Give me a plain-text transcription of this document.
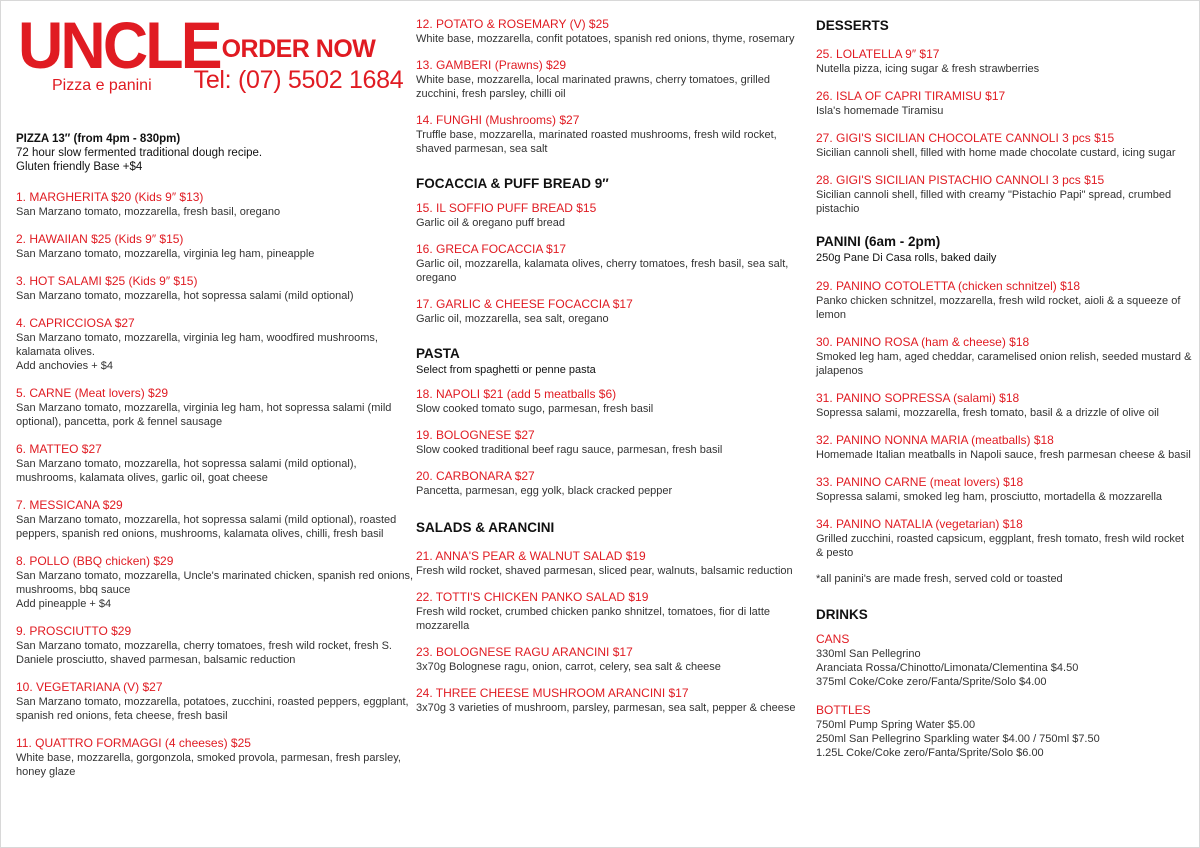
UNCLE
Pizza e panini
ORDER NOW
Tel: (07) 5502 1684
PIZZA 13″ (from 4pm - 830pm)
72 hour slow fermented traditional dough recipe.
Gluten friendly Base +$4
1. MARGHERITA $20 (Kids 9″ $13)
San Marzano tomato, mozzarella, fresh basil, oregano
2. HAWAIIAN $25 (Kids 9″ $15)
San Marzano tomato, mozzarella, virginia leg ham, pineapple
3. HOT SALAMI $25 (Kids 9″ $15)
San Marzano tomato, mozzarella, hot sopressa salami (mild optional)
4. CAPRICCIOSA $27
San Marzano tomato, mozzarella, virginia leg ham, woodfired mushrooms, kalamata olives.
Add anchovies + $4
5. CARNE (Meat lovers) $29
San Marzano tomato, mozzarella, virginia leg ham, hot sopressa salami (mild optional), pancetta, pork & fennel sausage
6. MATTEO $27
San Marzano tomato, mozzarella, hot sopressa salami (mild optional), mushrooms, kalamata olives, garlic oil, goat cheese
7. MESSICANA $29
San Marzano tomato, mozzarella, hot sopressa salami (mild optional), roasted peppers, spanish red onions, mushrooms, kalamata olives, chilli, fresh basil
8. POLLO (BBQ chicken) $29
San Marzano tomato, mozzarella, Uncle's marinated chicken, spanish red onions, mushrooms, bbq sauce
Add pineapple + $4
9. PROSCIUTTO $29
San Marzano tomato, mozzarella, cherry tomatoes, fresh wild rocket, fresh S. Daniele prosciutto, shaved parmesan, balsamic reduction
10. VEGETARIANA (V) $27
San Marzano tomato, mozzarella, potatoes, zucchini, roasted peppers, eggplant, spanish red onions, feta cheese, fresh basil
11. QUATTRO FORMAGGI (4 cheeses) $25
White base, mozzarella, gorgonzola, smoked provola, parmesan, fresh parsley, honey glaze
12. POTATO & ROSEMARY (V) $25
White base, mozzarella, confit potatoes, spanish red onions, thyme, rosemary
13. GAMBERI (Prawns) $29
White base, mozzarella, local marinated prawns, cherry tomatoes, grilled zucchini, fresh parsley, chilli oil
14. FUNGHI (Mushrooms) $27
Truffle base, mozzarella, marinated roasted mushrooms, fresh wild rocket, shaved parmesan, sea salt
FOCACCIA & PUFF BREAD 9″
15. IL SOFFIO PUFF BREAD $15
Garlic oil & oregano puff bread
16. GRECA FOCACCIA $17
Garlic oil, mozzarella, kalamata olives, cherry tomatoes, fresh basil, sea salt, oregano
17. GARLIC & CHEESE FOCACCIA $17
Garlic oil, mozzarella, sea salt, oregano
PASTA
Select from spaghetti or penne pasta
18. NAPOLI $21 (add 5 meatballs $6)
Slow cooked tomato sugo, parmesan, fresh basil
19. BOLOGNESE $27
Slow cooked traditional beef ragu sauce, parmesan, fresh basil
20. CARBONARA $27
Pancetta, parmesan, egg yolk, black cracked pepper
SALADS & ARANCINI
21. ANNA'S PEAR & WALNUT SALAD $19
Fresh wild rocket, shaved parmesan, sliced pear, walnuts, balsamic reduction
22. TOTTI'S CHICKEN PANKO SALAD $19
Fresh wild rocket, crumbed chicken panko shnitzel, tomatoes, fior di latte mozzarella
23. BOLOGNESE RAGU ARANCINI $17
3x70g Bolognese ragu, onion, carrot, celery, sea salt & cheese
24. THREE CHEESE MUSHROOM ARANCINI $17
3x70g 3 varieties of mushroom, parsley, parmesan, sea salt, pepper & cheese
DESSERTS
25. LOLATELLA 9″ $17
Nutella pizza, icing sugar & fresh strawberries
26. ISLA OF CAPRI TIRAMISU $17
Isla's homemade Tiramisu
27. GIGI'S SICILIAN CHOCOLATE CANNOLI 3 pcs $15
Sicilian cannoli shell, filled with home made chocolate custard, icing sugar
28. GIGI'S SICILIAN PISTACHIO CANNOLI 3 pcs $15
Sicilian cannoli shell, filled with creamy "Pistachio Papi" spread, crumbed pistachio
PANINI (6am - 2pm)
250g Pane Di Casa rolls, baked daily
29. PANINO COTOLETTA (chicken schnitzel) $18
Panko chicken schnitzel, mozzarella, fresh wild rocket, aioli & a squeeze of lemon
30. PANINO ROSA (ham & cheese) $18
Smoked leg ham, aged cheddar, caramelised onion relish, seeded mustard & jalapenos
31. PANINO SOPRESSA (salami) $18
Sopressa salami, mozzarella, fresh tomato, basil & a drizzle of olive oil
32. PANINO NONNA MARIA (meatballs) $18
Homemade Italian meatballs in Napoli sauce, fresh parmesan cheese & basil
33. PANINO CARNE (meat lovers) $18
Sopressa salami, smoked leg ham, prosciutto, mortadella & mozzarella
34. PANINO NATALIA (vegetarian) $18
Grilled zucchini, roasted capsicum, eggplant, fresh tomato, fresh wild rocket & pesto
*all panini's are made fresh, served cold or toasted
DRINKS
CANS
330ml San Pellegrino
Aranciata Rossa/Chinotto/Limonata/Clementina $4.50
375ml Coke/Coke zero/Fanta/Sprite/Solo $4.00
BOTTLES
750ml Pump Spring Water $5.00
250ml San Pellegrino Sparkling water $4.00 / 750ml $7.50
1.25L Coke/Coke zero/Fanta/Sprite/Solo $6.00
